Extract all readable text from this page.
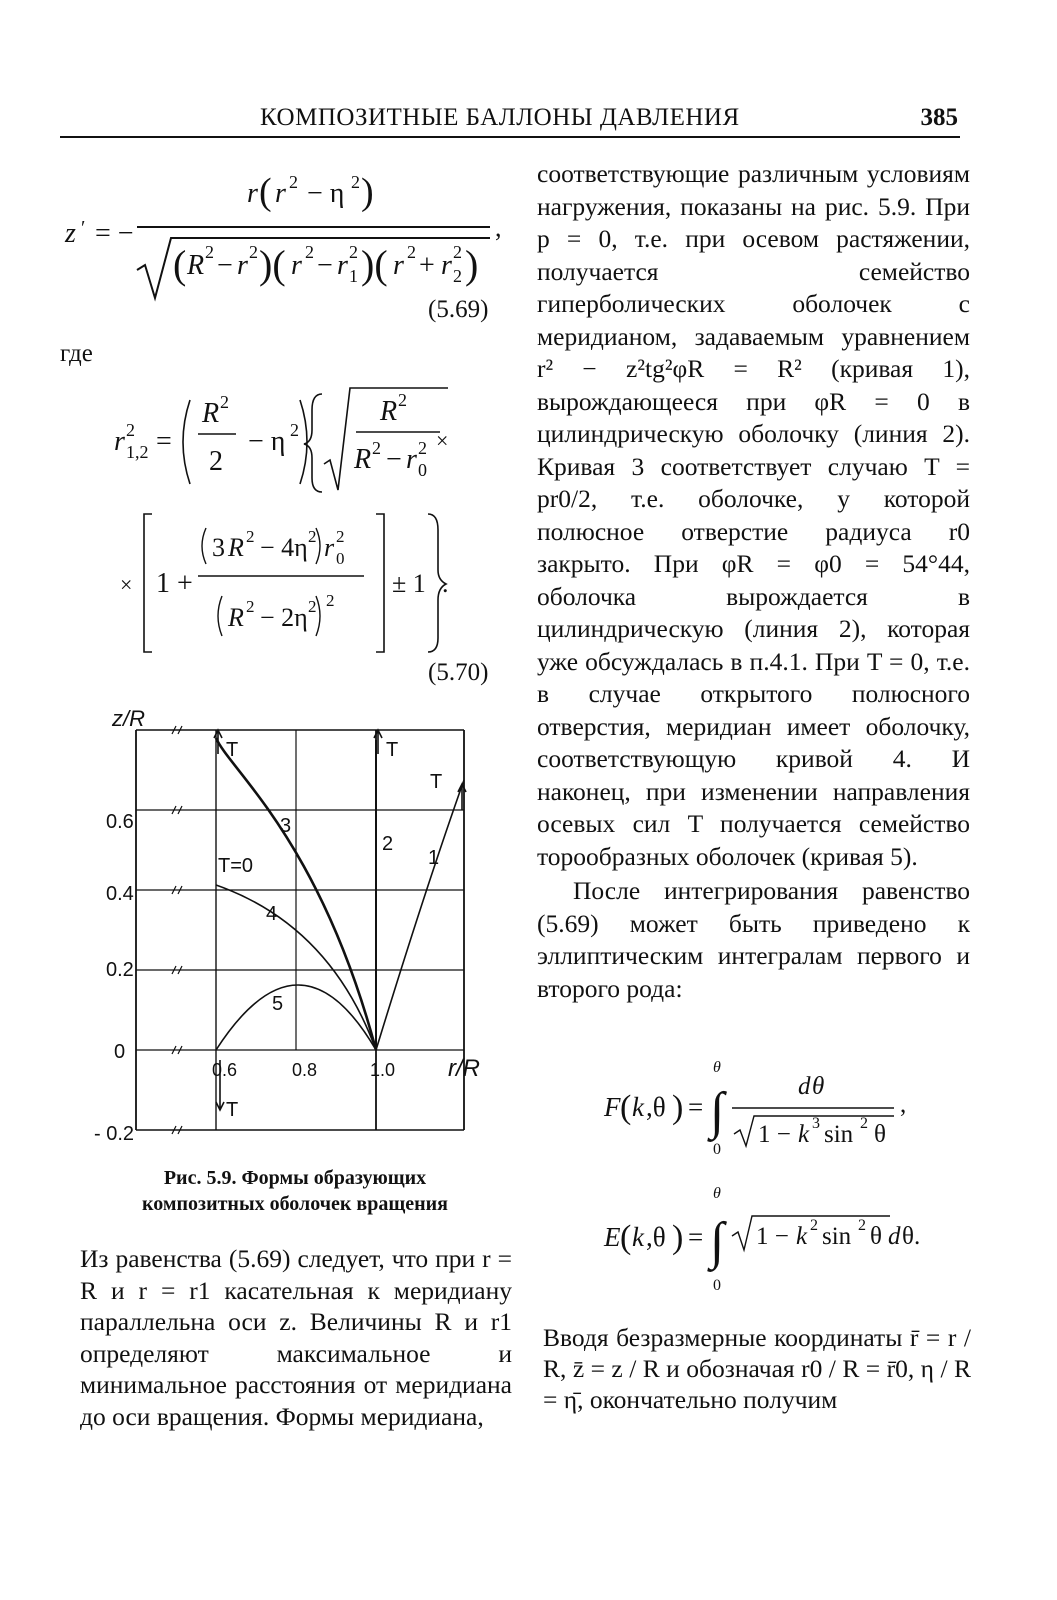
КОМПОЗИТНЫЕ БАЛЛОНЫ ДАВЛЕНИЯ	385
z ′ = −
r ( r 2 − η 2 )
,
( R 2 − r 2 )( r 2 − r 2
1 )( r 2 + r 2
2 )
(5.69)
где
r 2
1,2 =
R 2
2
− η 2
R 2
R 2 − r 2
0
×
× 1 +
3 R 2 − 4η 2 r 2
0
R 2 − 2η 2 2
± 1 .
(5.70)
z/R
0.6
0.4
0.2
0
- 0.2
0.6	0.8	1.0 r/R
T	T
T
T
T=0	1
2
3
4
5
Рис. 5.9. Формы образующих
композитных оболочек вращения
Из равенства (5.69) следует, что при r = R и r = r1 касательная к меридиану параллельна оси z. Величины R и r1 определяют максимальное и минимальное расстояния от меридиана до оси вращения. Формы меридиана,

соответствующие различным условиям нагружения, показаны на рис. 5.9. При p = 0, т.е. при осевом растяжении, получается семейство гиперболических оболочек с меридианом, задаваемым уравнением r² − z²tg²φR = R² (кривая 1), вырождающееся при φR = 0 в цилиндрическую оболочку (линия 2). Кривая 3 соответствует случаю T = pr0/2, т.е. оболочке, у которой полюсное отверстие радиуса r0 закрыто. При φR = φ0 = 54°44, оболочка вырождается в цилиндрическую (линия 2), которая уже обсуждалась в п.4.1. При T = 0, т.е. в случае открытого полюсного отверстия, меридиан имеет оболочку, соответствующую кривой 4. И наконец, при изменении направления осевых сил T получается семейство торообразных оболочек (кривая 5).

После интегрирования равенство (5.69) может быть приведено к эллиптическим интегралам первого и второго рода:

θ
F ( k ,θ ) = ∫
0
d θ
1 − k 3 sin 2 θ
,
θ
E ( k ,θ ) = ∫
0
1 − k 2 sin 2 θ d θ.
Вводя безразмерные координаты r̄ = r / R, z̄ = z / R и обозначая r0 / R = r̄0, η / R = η̄, окончательно получим
